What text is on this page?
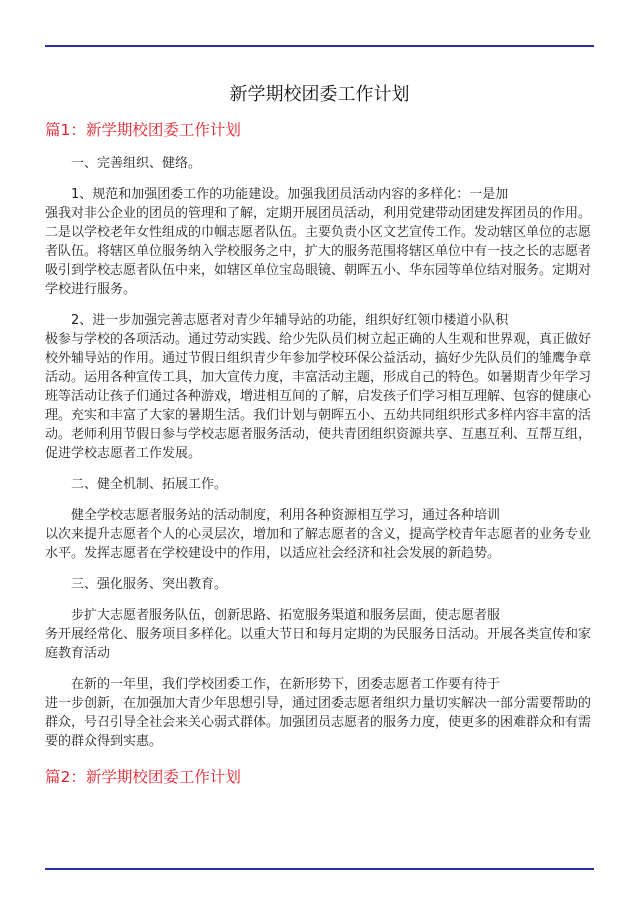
新学期校团委工作计划
篇1：新学期校团委工作计划

一、完善组织、健络。

1、规范和加强团委工作的功能建设。加强我团员活动内容的多样化：一是加
强我对非公企业的团员的管理和了解，定期开展团员活动，利用党建带动团建发挥团员的作用。二是以学校老年女性组成的巾帼志愿者队伍。主要负责小区文艺宣传工作。发动辖区单位的志愿者队伍。将辖区单位服务纳入学校服务之中，扩大的服务范围将辖区单位中有一技之长的志愿者吸引到学校志愿者队伍中来，如辖区单位宝岛眼镜、朝晖五小、华东园等单位结对服务。定期对学校进行服务。

2、进一步加强完善志愿者对青少年辅导站的功能，组织好红领巾楼道小队积
极参与学校的各项活动。通过劳动实践、给少先队员们树立起正确的人生观和世界观，真正做好校外辅导站的作用。通过节假日组织青少年参加学校环保公益活动，搞好少先队员们的雏鹰争章活动。运用各种宣传工具，加大宣传力度，丰富活动主题，形成自己的特色。如暑期青少年学习班等活动让孩子们通过各种游戏，增进相互间的了解，启发孩子们学习相互理解、包容的健康心理。充实和丰富了大家的暑期生活。我们计划与朝晖五小、五幼共同组织形式多样内容丰富的活动。老师利用节假日参与学校志愿者服务活动，使共青团组织资源共享、互惠互利、互帮互组，促进学校志愿者工作发展。

二、健全机制、拓展工作。

健全学校志愿者服务站的活动制度，利用各种资源相互学习，通过各种培训
以次来提升志愿者个人的心灵层次，增加和了解志愿者的含义，提高学校青年志愿者的业务专业水平。发挥志愿者在学校建设中的作用，以适应社会经济和社会发展的新趋势。

三、强化服务、突出教育。

步扩大志愿者服务队伍，创新思路、拓宽服务渠道和服务层面，使志愿者服
务开展经常化、服务项目多样化。以重大节日和每月定期的为民服务日活动。开展各类宣传和家庭教育活动

在新的一年里，我们学校团委工作，在新形势下，团委志愿者工作要有待于
进一步创新，在加强加大青少年思想引导，通过团委志愿者组织力量切实解决一部分需要帮助的群众，号召引导全社会来关心弱式群体。加强团员志愿者的服务力度，使更多的困难群众和有需要的群众得到实惠。

篇2：新学期校团委工作计划
